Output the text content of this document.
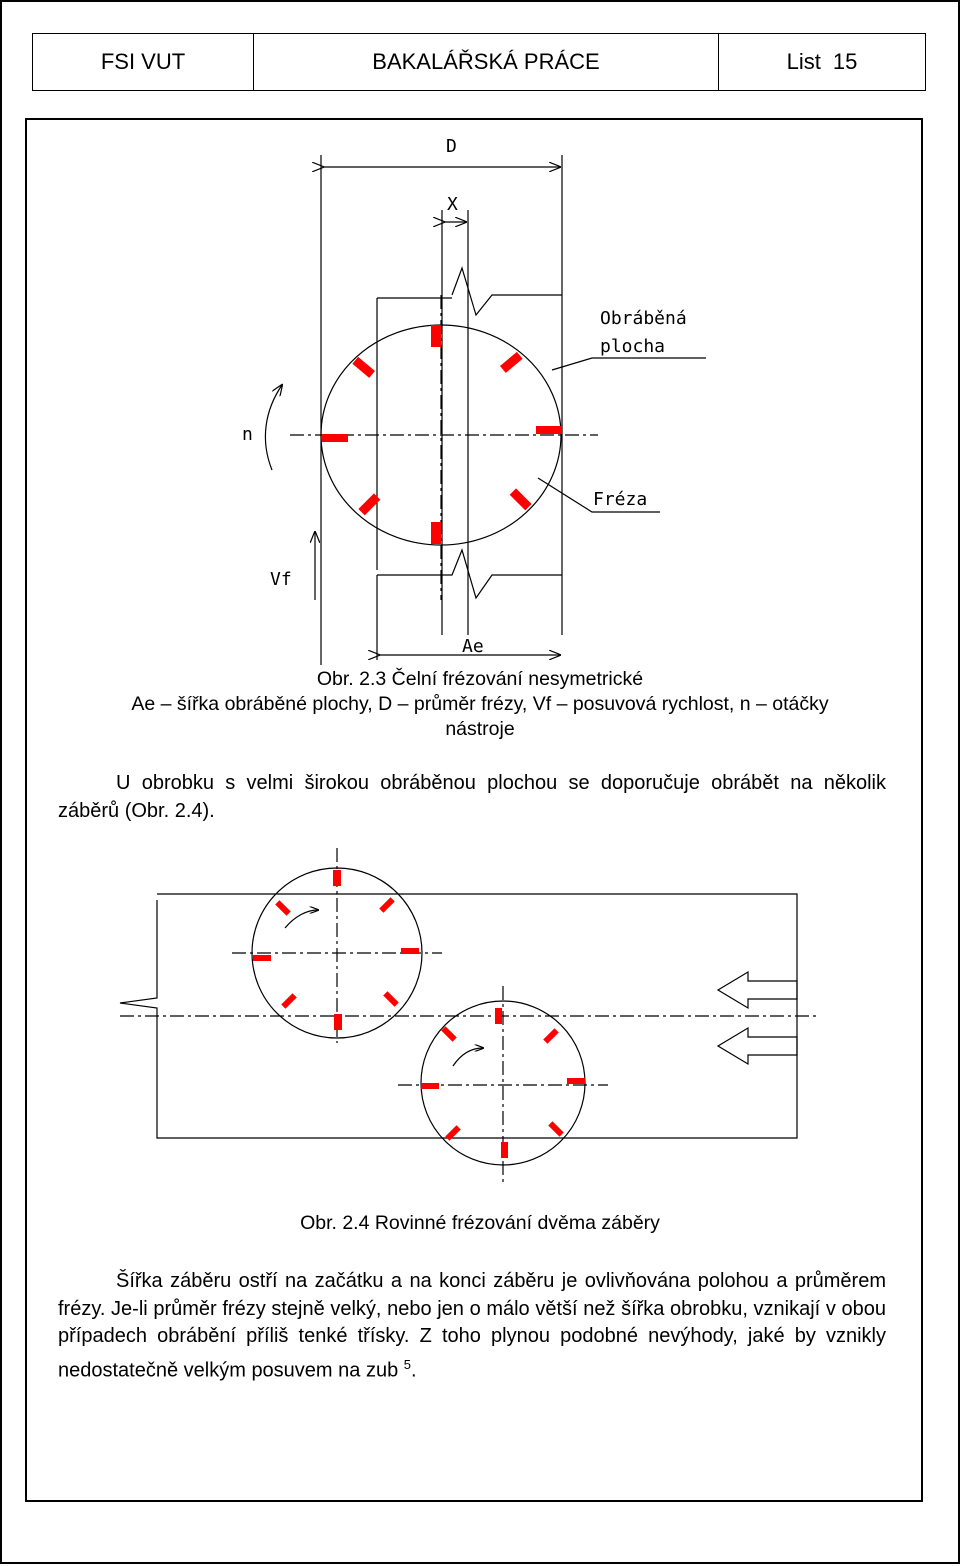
FSI VUT	BAKALÁŘSKÁ PRÁCE	List 15
D
X
n
Vf
Ae
Obráběná
plocha
Fréza
Obr. 2.3 Čelní frézování nesymetrické
Ae – šířka obráběné plochy, D – průměr frézy, Vf – posuvová rychlost, n – otáčky
nástroje
U obrobku s velmi širokou obráběnou plochou se doporučuje obrábět na několik záběrů (Obr. 2.4).
Obr. 2.4 Rovinné frézování dvěma záběry
Šířka záběru ostří na začátku a na konci záběru je ovlivňována polohou a průměrem frézy. Je-li průměr frézy stejně velký, nebo jen o málo větší než šířka obrobku, vznikají v obou případech obrábění příliš tenké třísky. Z toho plynou podobné nevýhody, jaké by vznikly nedostatečně velkým posuvem na zub $^5$.
